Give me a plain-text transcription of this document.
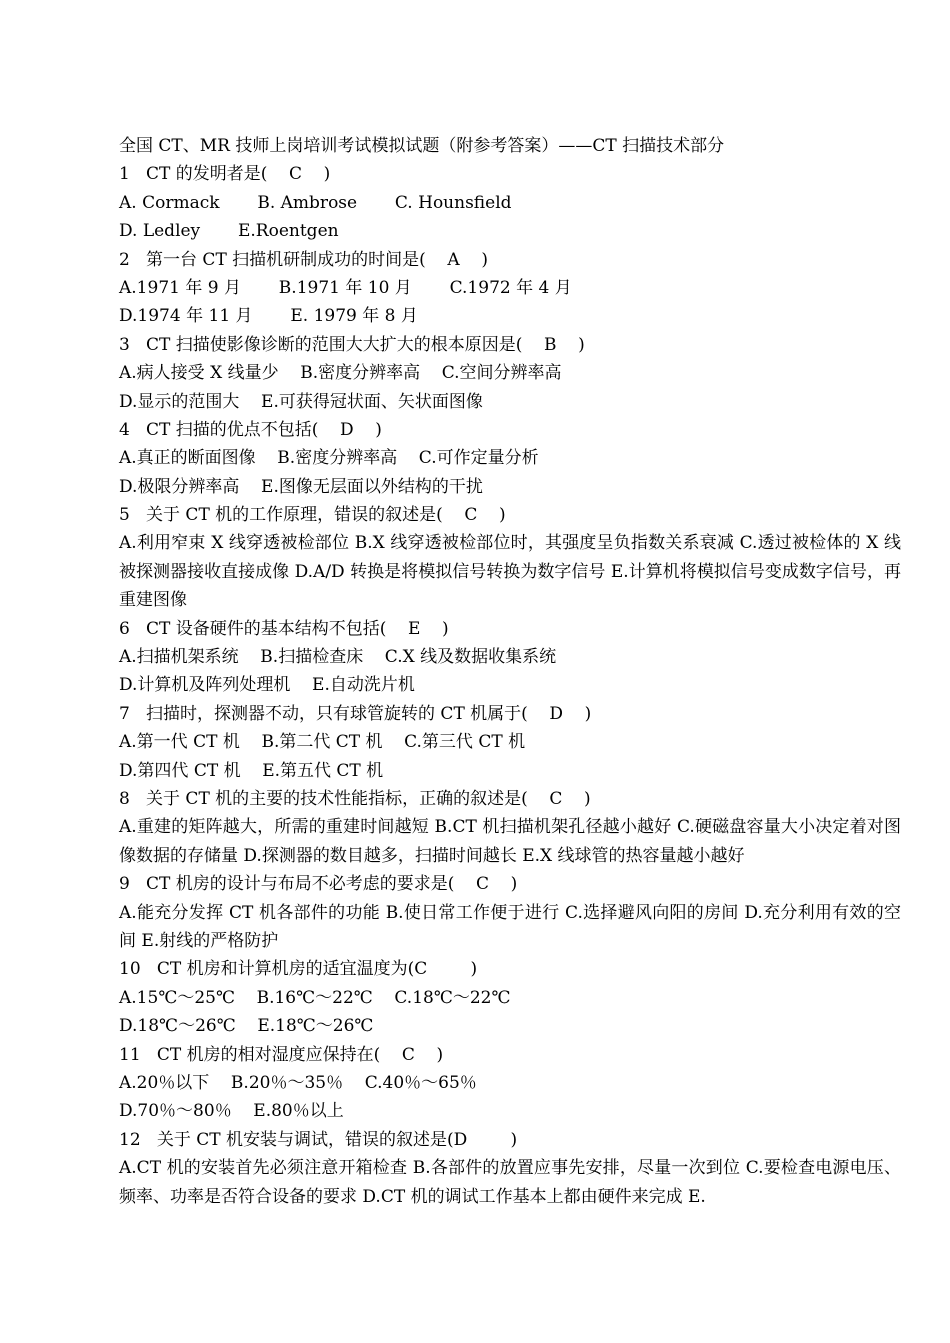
全国 CT、MR 技师上岗培训考试模拟试题（附参考答案）——CT 扫描技术部分

1   CT 的发明者是(    C    )

A. Cormack       B. Ambrose       C. Hounsfield

D. Ledley       E.Roentgen

2   第一台 CT 扫描机研制成功的时间是(    A    )

A.1971 年 9 月       B.1971 年 10 月       C.1972 年 4 月

D.1974 年 11 月       E. 1979 年 8 月

3   CT 扫描使影像诊断的范围大大扩大的根本原因是(    B    )

A.病人接受 X 线量少    B.密度分辨率高    C.空间分辨率高

D.显示的范围大    E.可获得冠状面、矢状面图像

4   CT 扫描的优点不包括(    D    )

A.真正的断面图像    B.密度分辨率高    C.可作定量分析

D.极限分辨率高    E.图像无层面以外结构的干扰

5   关于 CT 机的工作原理，错误的叙述是(    C    )

A.利用窄束 X 线穿透被检部位 B.X 线穿透被检部位时，其强度呈负指数关系衰减 C.透过被检体的 X 线被探测器接收直接成像 D.A/D 转换是将模拟信号转换为数字信号 E.计算机将模拟信号变成数字信号，再重建图像

6   CT 设备硬件的基本结构不包括(    E    )

A.扫描机架系统    B.扫描检查床    C.X 线及数据收集系统

D.计算机及阵列处理机    E.自动洗片机

7   扫描时，探测器不动，只有球管旋转的 CT 机属于(    D    )

A.第一代 CT 机    B.第二代 CT 机    C.第三代 CT 机

D.第四代 CT 机    E.第五代 CT 机

8   关于 CT 机的主要的技术性能指标，正确的叙述是(    C    )

A.重建的矩阵越大，所需的重建时间越短 B.CT 机扫描机架孔径越小越好 C.硬磁盘容量大小决定着对图像数据的存储量 D.探测器的数目越多，扫描时间越长 E.X 线球管的热容量越小越好

9   CT 机房的设计与布局不必考虑的要求是(    C    )

A.能充分发挥 CT 机各部件的功能 B.使日常工作便于进行 C.选择避风向阳的房间 D.充分利用有效的空间 E.射线的严格防护

10   CT 机房和计算机房的适宜温度为(C        )

A.15℃～25℃    B.16℃～22℃    C.18℃～22℃

D.18℃～26℃    E.18℃～26℃

11   CT 机房的相对湿度应保持在(    C    )

A.20％以下    B.20％～35％    C.40％～65％

D.70％～80％    E.80％以上

12   关于 CT 机安装与调试，错误的叙述是(D        )

A.CT 机的安装首先必须注意开箱检查 B.各部件的放置应事先安排，尽量一次到位 C.要检查电源电压、频率、功率是否符合设备的要求 D.CT 机的调试工作基本上都由硬件来完成 E.
